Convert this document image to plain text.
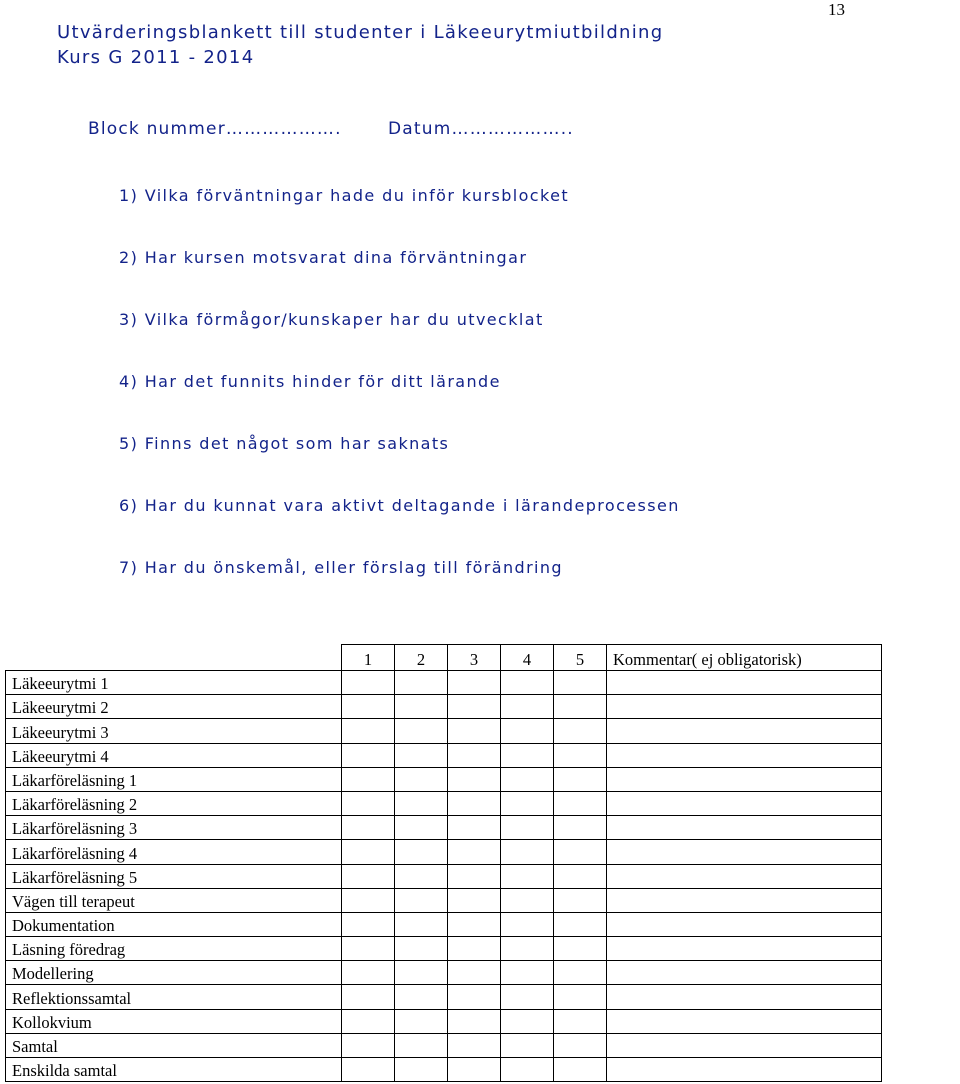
13
Utvärderingsblankett till studenter i Läkeeurytmiutbildning
Kurs G 2011 - 2014
Block nummer……………….	Datum………………..
1) Vilka förväntningar hade du inför kursblocket
2) Har kursen motsvarat dina förväntningar
3) Vilka förmågor/kunskaper har du utvecklat
4) Har det funnits hinder för ditt lärande
5) Finns det något som har saknats
6) Har du kunnat vara aktivt deltagande i lärandeprocessen
7) Har du önskemål, eller förslag till förändring
	1	2	3	4	5	Kommentar( ej obligatorisk)
Läkeeurytmi 1						
Läkeeurytmi 2						
Läkeeurytmi 3						
Läkeeurytmi 4						
Läkarföreläsning 1						
Läkarföreläsning 2						
Läkarföreläsning 3						
Läkarföreläsning 4						
Läkarföreläsning 5						
Vägen till terapeut						
Dokumentation						
Läsning föredrag						
Modellering						
Reflektionssamtal						
Kollokvium						
Samtal						
Enskilda samtal						
